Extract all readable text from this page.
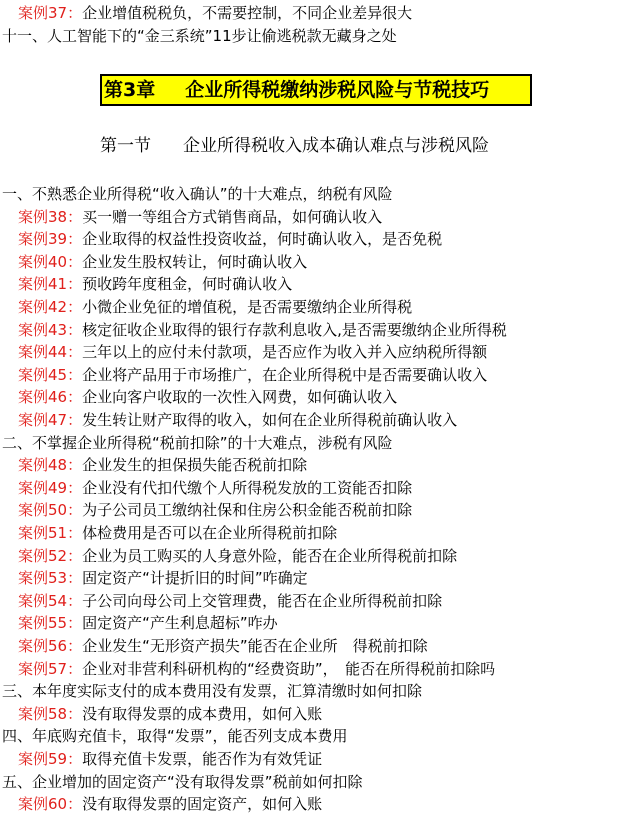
案例37：企业增值税税负，不需要控制，不同企业差异很大
十一、人工智能下的“金三系统”11步让偷逃税款无藏身之处
第3章 企业所得税缴纳涉税风险与节税技巧
第一节 企业所得税收入成本确认难点与涉税风险
一、不熟悉企业所得税“收入确认”的十大难点，纳税有风险
案例38：买一赠一等组合方式销售商品，如何确认收入
案例39：企业取得的权益性投资收益，何时确认收入，是否免税
案例40：企业发生股权转让，何时确认收入
案例41：预收跨年度租金，何时确认收入
案例42：小微企业免征的增值税，是否需要缴纳企业所得税
案例43：核定征收企业取得的银行存款利息收入,是否需要缴纳企业所得税
案例44：三年以上的应付未付款项，是否应作为收入并入应纳税所得额
案例45：企业将产品用于市场推广，在企业所得税中是否需要确认收入
案例46：企业向客户收取的一次性入网费，如何确认收入
案例47：发生转让财产取得的收入，如何在企业所得税前确认收入
二、不掌握企业所得税“税前扣除”的十大难点，涉税有风险
案例48：企业发生的担保损失能否税前扣除
案例49：企业没有代扣代缴个人所得税发放的工资能否扣除
案例50：为子公司员工缴纳社保和住房公积金能否税前扣除
案例51：体检费用是否可以在企业所得税前扣除
案例52：企业为员工购买的人身意外险，能否在企业所得税前扣除
案例53：固定资产“计提折旧的时间”咋确定
案例54：子公司向母公司上交管理费，能否在企业所得税前扣除
案例55：固定资产“产生利息超标”咋办
案例56：企业发生“无形资产损失”能否在企业所　得税前扣除
案例57：企业对非营利科研机构的“经费资助”，　能否在所得税前扣除吗
三、本年度实际支付的成本费用没有发票，汇算清缴时如何扣除
案例58：没有取得发票的成本费用，如何入账
四、年底购充值卡，取得“发票”，能否列支成本费用
案例59：取得充值卡发票，能否作为有效凭证
五、企业增加的固定资产“没有取得发票”税前如何扣除
案例60：没有取得发票的固定资产，如何入账
